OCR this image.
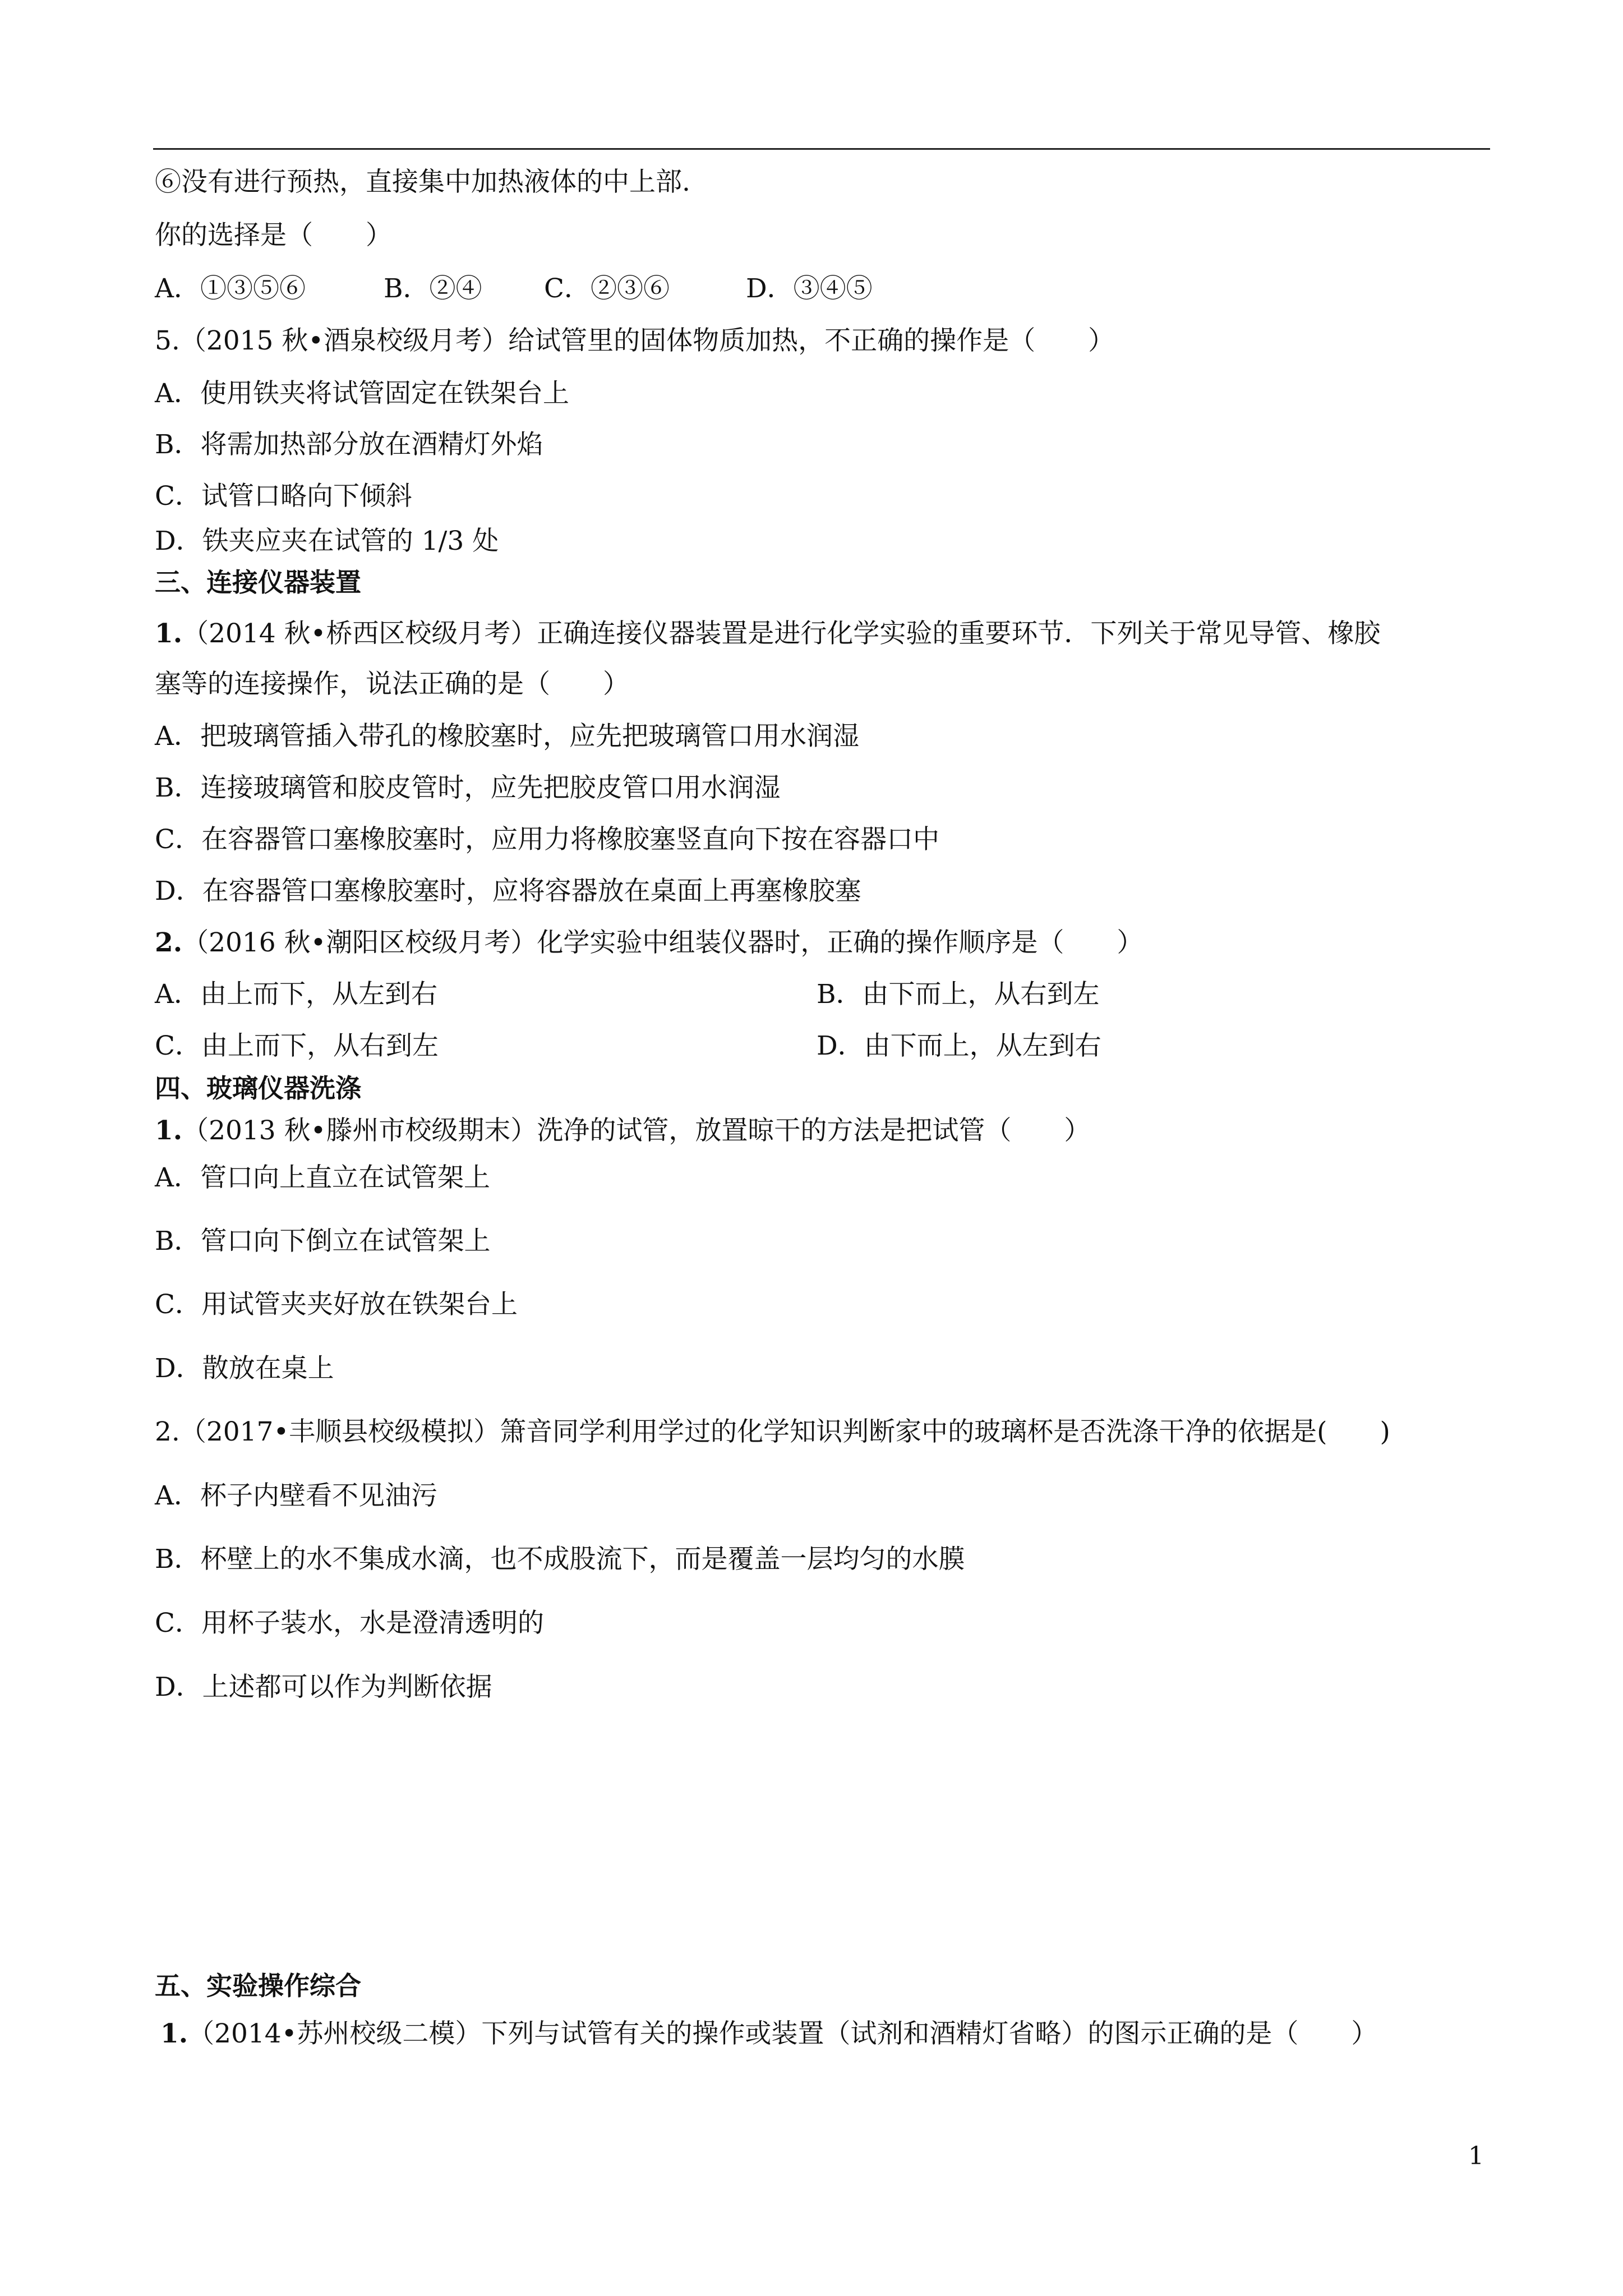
⑥没有进行预热，直接集中加热液体的中上部.
你的选择是（　　）
A．①③⑤⑥	B．②④ C．②③⑥	D．③④⑤
5.（2015 秋•酒泉校级月考）给试管里的固体物质加热，不正确的操作是（　　）
A．使用铁夹将试管固定在铁架台上
B．将需加热部分放在酒精灯外焰
C．试管口略向下倾斜
D．铁夹应夹在试管的 1/3 处
三、连接仪器装置
1.（2014 秋•桥西区校级月考）正确连接仪器装置是进行化学实验的重要环节．下列关于常见导管、橡胶
塞等的连接操作，说法正确的是（　　）
A．把玻璃管插入带孔的橡胶塞时，应先把玻璃管口用水润湿
B．连接玻璃管和胶皮管时，应先把胶皮管口用水润湿
C．在容器管口塞橡胶塞时，应用力将橡胶塞竖直向下按在容器口中
D．在容器管口塞橡胶塞时，应将容器放在桌面上再塞橡胶塞
2.（2016 秋•潮阳区校级月考）化学实验中组装仪器时，正确的操作顺序是（　　）
A．由上而下，从左到右	B．由下而上，从右到左
C．由上而下，从右到左	D．由下而上，从左到右
四、玻璃仪器洗涤
1.（2013 秋•滕州市校级期末）洗净的试管，放置晾干的方法是把试管（　　）
A．管口向上直立在试管架上
B．管口向下倒立在试管架上
C．用试管夹夹好放在铁架台上
D．散放在桌上
2.（2017•丰顺县校级模拟）箫音同学利用学过的化学知识判断家中的玻璃杯是否洗涤干净的依据是(　　)
A．杯子内壁看不见油污
B．杯壁上的水不集成水滴，也不成股流下，而是覆盖一层均匀的水膜
C．用杯子装水，水是澄清透明的
D．上述都可以作为判断依据
五、实验操作综合
1.（2014•苏州校级二模）下列与试管有关的操作或装置（试剂和酒精灯省略）的图示正确的是（　　）
1
